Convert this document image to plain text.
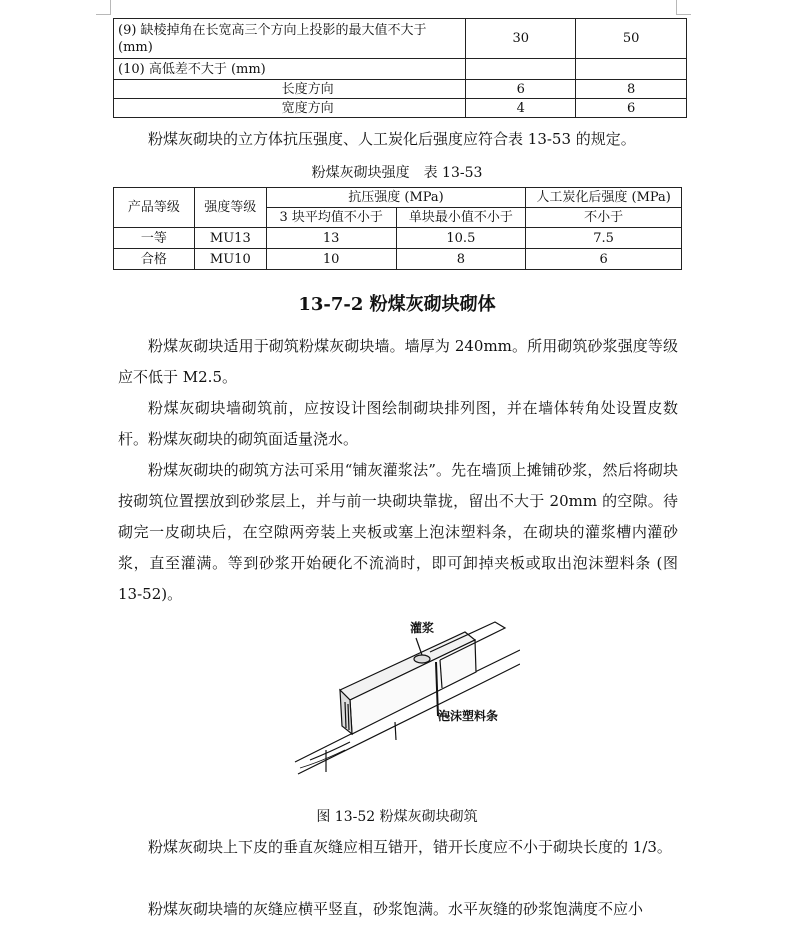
(9) 缺棱掉角在长宽高三个方向上投影的最大值不大于
(mm)	30	50
(10) 高低差不大于 (mm)		
长度方向	6	8
宽度方向	4	6
粉煤灰砌块的立方体抗压强度、人工炭化后强度应符合表 13-53 的规定。
粉煤灰砌块强度　表 13-53
产品等级	强度等级	抗压强度 (MPa)		人工炭化后强度 (MPa)
		3 块平均值不小于	单块最小值不小于	不小于
一等	MU13	13	10.5	7.5
合格	MU10	10	8	6
13-7-2 粉煤灰砌块砌体
粉煤灰砌块适用于砌筑粉煤灰砌块墙。墙厚为 240mm。所用砌筑砂浆强度等级应不低于 M2.5。
粉煤灰砌块墙砌筑前，应按设计图绘制砌块排列图，并在墙体转角处设置皮数杆。粉煤灰砌块的砌筑面适量浇水。
粉煤灰砌块的砌筑方法可采用“铺灰灌浆法”。先在墙顶上摊铺砂浆，然后将砌块按砌筑位置摆放到砂浆层上，并与前一块砌块靠拢，留出不大于 20mm 的空隙。待砌完一皮砌块后，在空隙两旁装上夹板或塞上泡沫塑料条，在砌块的灌浆槽内灌砂浆，直至灌满。等到砂浆开始硬化不流淌时，即可卸掉夹板或取出泡沫塑料条 (图 13-52)。
灌浆
泡沫塑料条
图 13-52 粉煤灰砌块砌筑
粉煤灰砌块上下皮的垂直灰缝应相互错开，错开长度应不小于砌块长度的 1/3。
粉煤灰砌块墙的灰缝应横平竖直，砂浆饱满。水平灰缝的砂浆饱满度不应小
